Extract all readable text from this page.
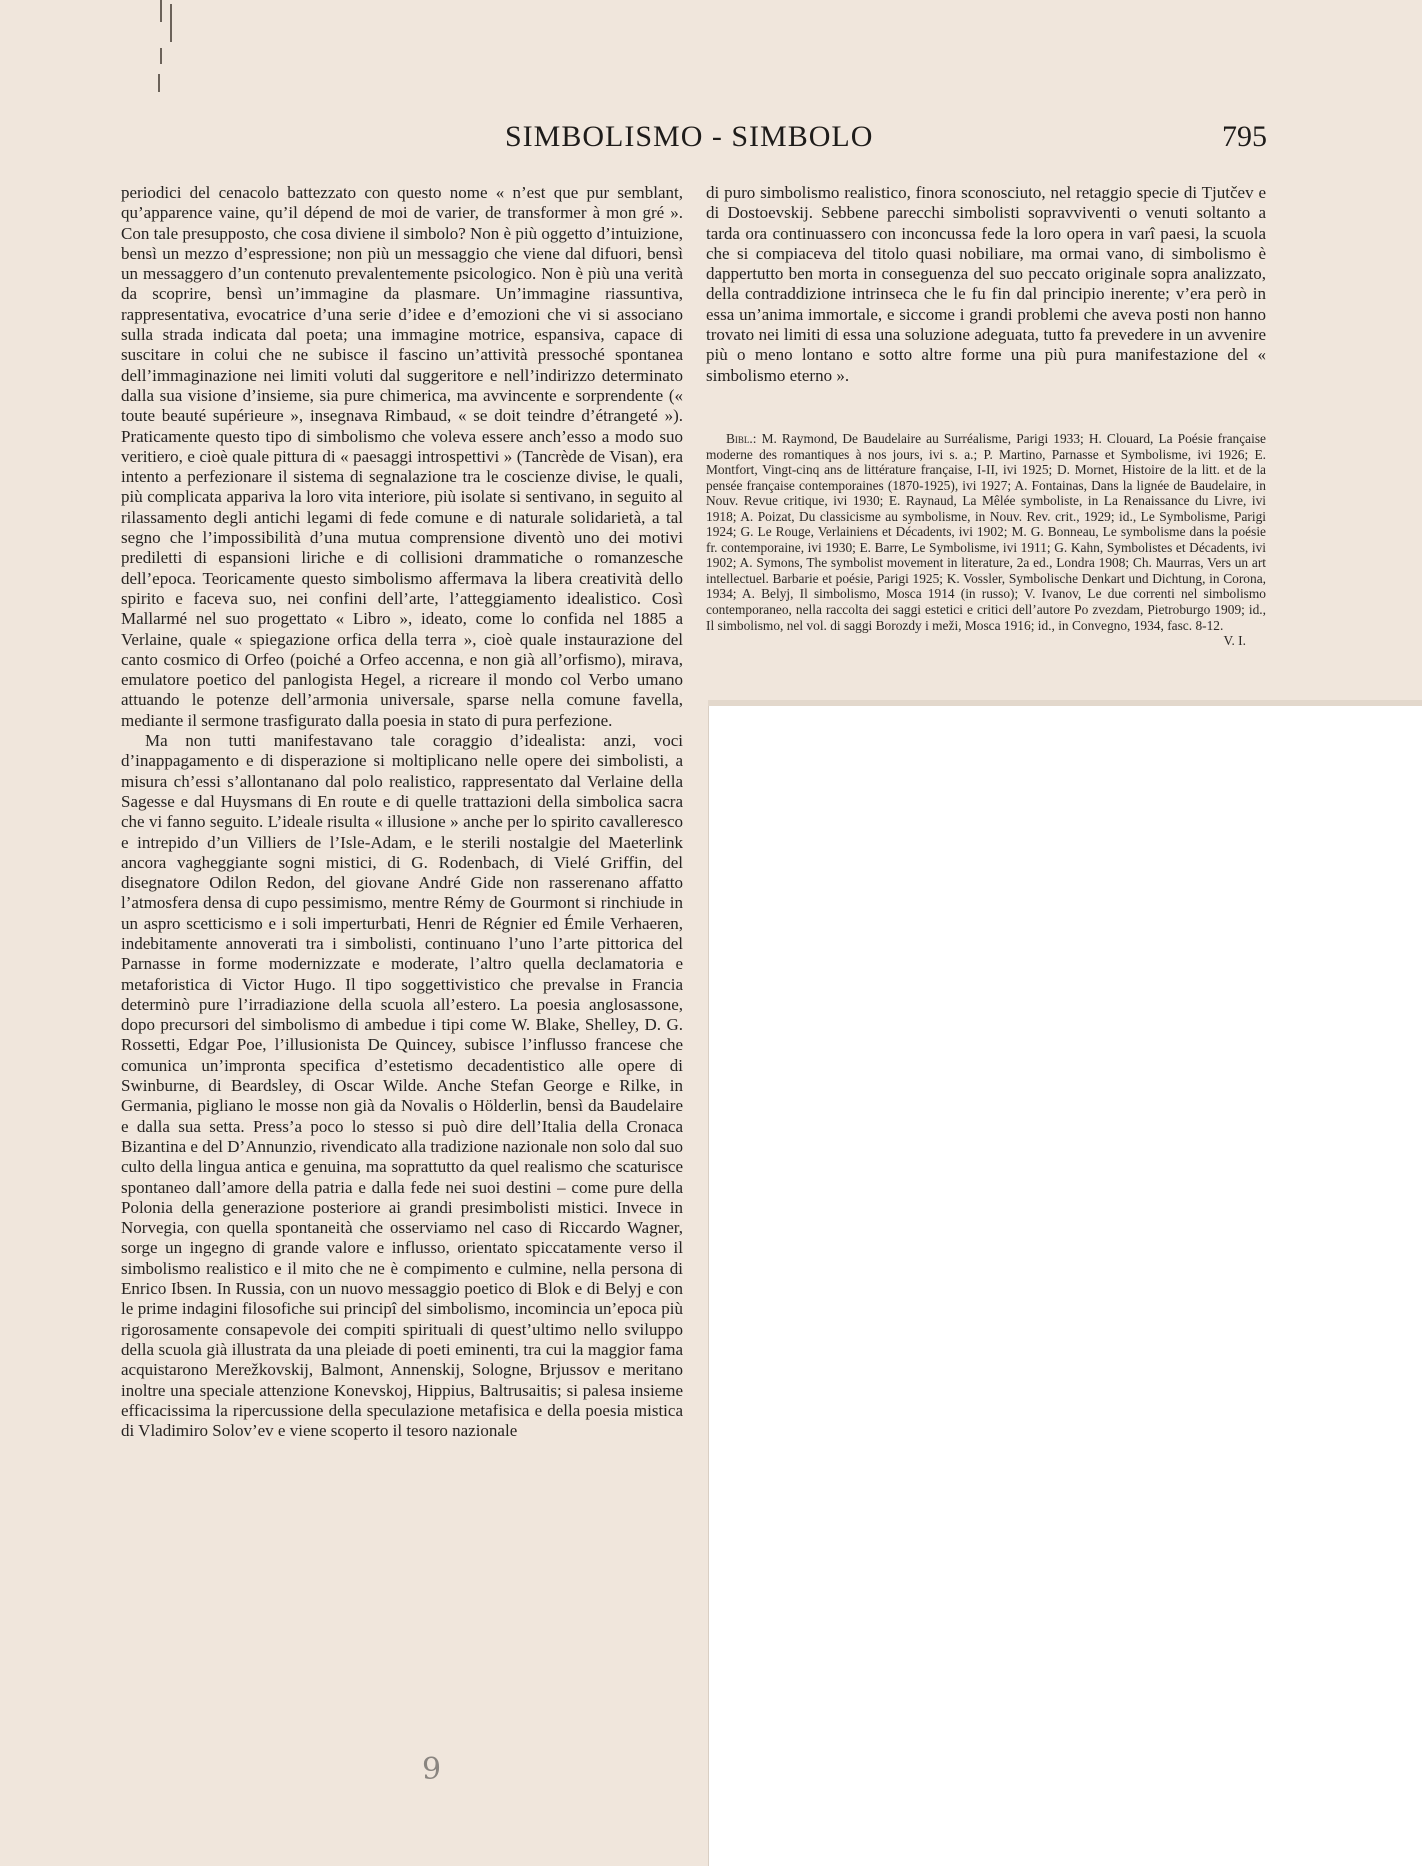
SIMBOLISMO - SIMBOLO	795

periodici del cenacolo battezzato con questo nome « n’est que pur semblant, qu’apparence vaine, qu’il dépend de moi de varier, de transformer à mon gré ». Con tale presupposto, che cosa diviene il simbolo? Non è più oggetto d’intuizione, bensì un mezzo d’espressione; non più un messaggio che viene dal difuori, bensì un messaggero d’un contenuto prevalentemente psicologico. Non è più una verità da scoprire, bensì un’immagine da plasmare. Un’immagine riassuntiva, rappresentativa, evocatrice d’una serie d’idee e d’emozioni che vi si associano sulla strada indicata dal poeta; una immagine motrice, espansiva, capace di suscitare in colui che ne subisce il fascino un’attività pressoché spontanea dell’immaginazione nei limiti voluti dal suggeritore e nell’indirizzo determinato dalla sua visione d’insieme, sia pure chimerica, ma avvincente e sorprendente (« toute beauté supérieure », insegnava Rimbaud, « se doit teindre d’étrangeté »). Praticamente questo tipo di simbolismo che voleva essere anch’esso a modo suo veritiero, e cioè quale pittura di « paesaggi introspettivi » (Tancrède de Visan), era intento a perfezionare il sistema di segnalazione tra le coscienze divise, le quali, più complicata appariva la loro vita interiore, più isolate si sentivano, in seguito al rilassamento degli antichi legami di fede comune e di naturale solidarietà, a tal segno che l’impossibilità d’una mutua comprensione diventò uno dei motivi prediletti di espansioni liriche e di collisioni drammatiche o romanzesche dell’epoca. Teoricamente questo simbolismo affermava la libera creatività dello spirito e faceva suo, nei confini dell’arte, l’atteggiamento idealistico. Così Mallarmé nel suo progettato « Libro », ideato, come lo confida nel 1885 a Verlaine, quale « spiegazione orfica della terra », cioè quale instaurazione del canto cosmico di Orfeo (poiché a Orfeo accenna, e non già all’orfismo), mirava, emulatore poetico del panlogista Hegel, a ricreare il mondo col Verbo umano attuando le potenze dell’armonia universale, sparse nella comune favella, mediante il sermone trasfigurato dalla poesia in stato di pura perfezione.

Ma non tutti manifestavano tale coraggio d’idealista: anzi, voci d’inappagamento e di disperazione si moltiplicano nelle opere dei simbolisti, a misura ch’essi s’allontanano dal polo realistico, rappresentato dal Verlaine della Sagesse e dal Huysmans di En route e di quelle trattazioni della simbolica sacra che vi fanno seguito. L’ideale risulta « illusione » anche per lo spirito cavalleresco e intrepido d’un Villiers de l’Isle-Adam, e le sterili nostalgie del Maeterlink ancora vagheggiante sogni mistici, di G. Rodenbach, di Vielé Griffin, del disegnatore Odilon Redon, del giovane André Gide non rasserenano affatto l’atmosfera densa di cupo pessimismo, mentre Rémy de Gourmont si rinchiude in un aspro scetticismo e i soli imperturbati, Henri de Régnier ed Émile Verhaeren, indebitamente annoverati tra i simbolisti, continuano l’uno l’arte pittorica del Parnasse in forme modernizzate e moderate, l’altro quella declamatoria e metaforistica di Victor Hugo. Il tipo soggettivistico che prevalse in Francia determinò pure l’irradiazione della scuola all’estero. La poesia anglosassone, dopo precursori del simbolismo di ambedue i tipi come W. Blake, Shelley, D. G. Rossetti, Edgar Poe, l’illusionista De Quincey, subisce l’influsso francese che comunica un’impronta specifica d’estetismo decadentistico alle opere di Swinburne, di Beardsley, di Oscar Wilde. Anche Stefan George e Rilke, in Germania, pigliano le mosse non già da Novalis o Hölderlin, bensì da Baudelaire e dalla sua setta. Press’a poco lo stesso si può dire dell’Italia della Cronaca Bizantina e del D’Annunzio, rivendicato alla tradizione nazionale non solo dal suo culto della lingua antica e genuina, ma soprattutto da quel realismo che scaturisce spontaneo dall’amore della patria e dalla fede nei suoi destini – come pure della Polonia della generazione posteriore ai grandi presimbolisti mistici. Invece in Norvegia, con quella spontaneità che osserviamo nel caso di Riccardo Wagner, sorge un ingegno di grande valore e influsso, orientato spiccatamente verso il simbolismo realistico e il mito che ne è compimento e culmine, nella persona di Enrico Ibsen. In Russia, con un nuovo messaggio poetico di Blok e di Belyj e con le prime indagini filosofiche sui principî del simbolismo, incomincia un’epoca più rigorosamente consapevole dei compiti spirituali di quest’ultimo nello sviluppo della scuola già illustrata da una pleiade di poeti eminenti, tra cui la maggior fama acquistarono Merežkovskij, Balmont, Annenskij, Sologne, Brjussov e meritano inoltre una speciale attenzione Konevskoj, Hippius, Baltrusaitis; si palesa insieme efficacissima la ripercussione della speculazione metafisica e della poesia mistica di Vladimiro Solov’ev e viene scoperto il tesoro nazionale

di puro simbolismo realistico, finora sconosciuto, nel retaggio specie di Tjutčev e di Dostoevskij. Sebbene parecchi simbolisti sopravviventi o venuti soltanto a tarda ora continuassero con inconcussa fede la loro opera in varî paesi, la scuola che si compiaceva del titolo quasi nobiliare, ma ormai vano, di simbolismo è dappertutto ben morta in conseguenza del suo peccato originale sopra analizzato, della contraddizione intrinseca che le fu fin dal principio inerente; v’era però in essa un’anima immortale, e siccome i grandi problemi che aveva posti non hanno trovato nei limiti di essa una soluzione adeguata, tutto fa prevedere in un avvenire più o meno lontano e sotto altre forme una più pura manifestazione del « simbolismo eterno ».

Bibl.: M. Raymond, De Baudelaire au Surréalisme, Parigi 1933; H. Clouard, La Poésie française moderne des romantiques à nos jours, ivi s. a.; P. Martino, Parnasse et Symbolisme, ivi 1926; E. Montfort, Vingt-cinq ans de littérature française, I-II, ivi 1925; D. Mornet, Histoire de la litt. et de la pensée française contemporaines (1870-1925), ivi 1927; A. Fontainas, Dans la lignée de Baudelaire, in Nouv. Revue critique, ivi 1930; E. Raynaud, La Mêlée symboliste, in La Renaissance du Livre, ivi 1918; A. Poizat, Du classicisme au symbolisme, in Nouv. Rev. crit., 1929; id., Le Symbolisme, Parigi 1924; G. Le Rouge, Verlainiens et Décadents, ivi 1902; M. G. Bonneau, Le symbolisme dans la poésie fr. contemporaine, ivi 1930; E. Barre, Le Symbolisme, ivi 1911; G. Kahn, Symbolistes et Décadents, ivi 1902; A. Symons, The symbolist movement in literature, 2a ed., Londra 1908; Ch. Maurras, Vers un art intellectuel. Barbarie et poésie, Parigi 1925; K. Vossler, Symbolische Denkart und Dichtung, in Corona, 1934; A. Belyj, Il simbolismo, Mosca 1914 (in russo); V. Ivanov, Le due correnti nel simbolismo contemporaneo, nella raccolta dei saggi estetici e critici dell’autore Po zvezdam, Pietroburgo 1909; id., Il simbolismo, nel vol. di saggi Borozdy i meži, Mosca 1916; id., in Convegno, 1934, fasc. 8-12.
V. I.

9
